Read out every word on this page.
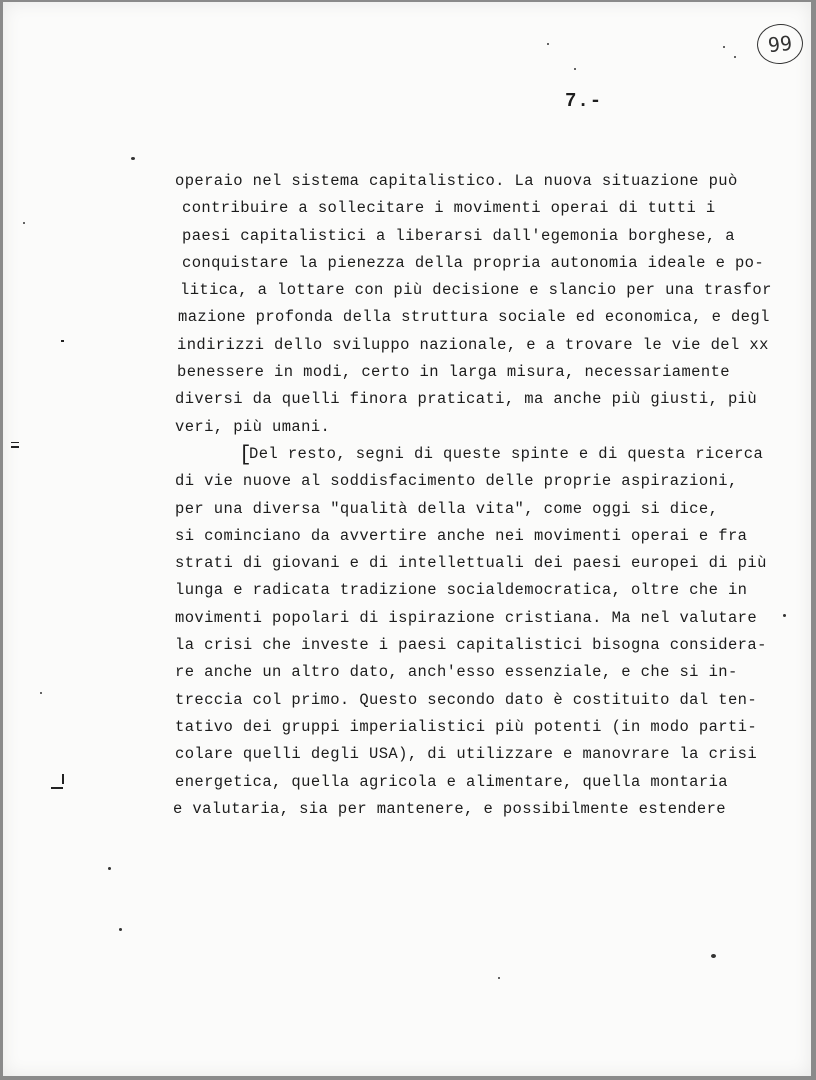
99
7.-
operaio nel sistema capitalistico. La nuova situazione può
contribuire a sollecitare i movimenti operai di tutti i
paesi capitalistici a liberarsi dall'egemonia borghese, a
conquistare la pienezza della propria autonomia ideale e po-
litica, a lottare con più decisione e slancio per una trasfor
mazione profonda della struttura sociale ed economica, e degl
indirizzi dello sviluppo nazionale, e a trovare le vie del xx
benessere in modi, certo in larga misura, necessariamente
diversi da quelli finora praticati, ma anche più giusti, più
veri, più umani.
[Del resto, segni di queste spinte e di questa ricerca
di vie nuove al soddisfacimento delle proprie aspirazioni,
per una diversa "qualità della vita", come oggi si dice,
si cominciano da avvertire anche nei movimenti operai e fra
strati di giovani e di intellettuali dei paesi europei di più
lunga e radicata tradizione socialdemocratica, oltre che in
movimenti popolari di ispirazione cristiana. Ma nel valutare
la crisi che investe i paesi capitalistici bisogna considera-
re anche un altro dato, anch'esso essenziale, e che si in-
treccia col primo. Questo secondo dato è costituito dal ten-
tativo dei gruppi imperialistici più potenti (in modo parti-
colare quelli degli USA), di utilizzare e manovrare la crisi
energetica, quella agricola e alimentare, quella montaria
e valutaria, sia per mantenere, e possibilmente estendere
